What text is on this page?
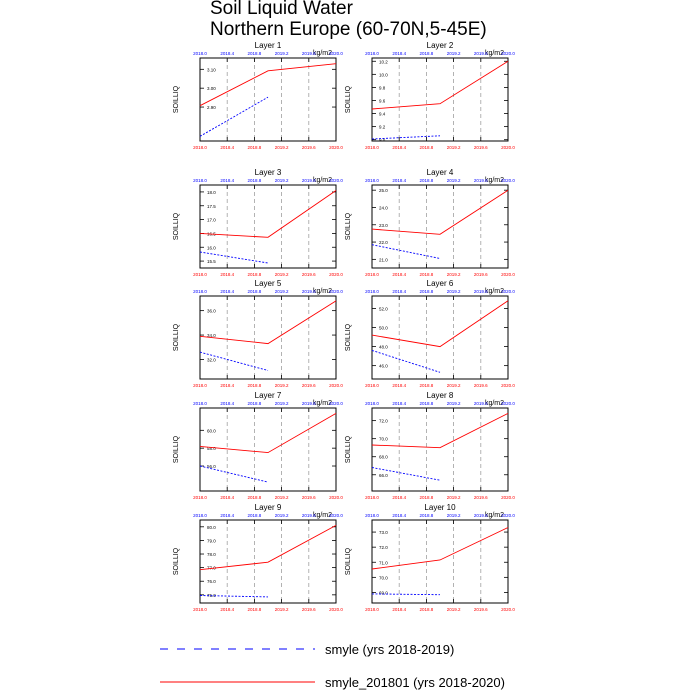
Soil Liquid Water
Northern Europe (60-70N,5-45E)
Layer 1
kg/m2
2018.0
2018.0
2018.4
2018.4
2018.8
2018.8
2019.2
2019.2
2019.6
2019.6
2020.0
2020.0
2.90
3.00
3.10
SOILLIQ
Layer 2
kg/m2
2018.0
2018.0
2018.4
2018.4
2018.8
2018.8
2019.2
2019.2
2019.6
2019.6
2020.0
2020.0
9.0
9.2
9.4
9.6
9.8
10.0
10.2
SOILLIQ
Layer 3
kg/m2
2018.0
2018.0
2018.4
2018.4
2018.8
2018.8
2019.2
2019.2
2019.6
2019.6
2020.0
2020.0
15.5
16.0
16.5
17.0
17.5
18.0
SOILLIQ
Layer 4
kg/m2
2018.0
2018.0
2018.4
2018.4
2018.8
2018.8
2019.2
2019.2
2019.6
2019.6
2020.0
2020.0
21.0
22.0
23.0
24.0
25.0
SOILLIQ
Layer 5
kg/m2
2018.0
2018.0
2018.4
2018.4
2018.8
2018.8
2019.2
2019.2
2019.6
2019.6
2020.0
2020.0
32.0
34.0
36.0
SOILLIQ
Layer 6
kg/m2
2018.0
2018.0
2018.4
2018.4
2018.8
2018.8
2019.2
2019.2
2019.6
2019.6
2020.0
2020.0
46.0
48.0
50.0
52.0
SOILLIQ
Layer 7
kg/m2
2018.0
2018.0
2018.4
2018.4
2018.8
2018.8
2019.2
2019.2
2019.6
2019.6
2020.0
2020.0
56.0
58.0
60.0
SOILLIQ
Layer 8
kg/m2
2018.0
2018.0
2018.4
2018.4
2018.8
2018.8
2019.2
2019.2
2019.6
2019.6
2020.0
2020.0
66.0
68.0
70.0
72.0
SOILLIQ
Layer 9
kg/m2
2018.0
2018.0
2018.4
2018.4
2018.8
2018.8
2019.2
2019.2
2019.6
2019.6
2020.0
2020.0
75.0
76.0
77.0
78.0
79.0
80.0
SOILLIQ
Layer 10
kg/m2
2018.0
2018.0
2018.4
2018.4
2018.8
2018.8
2019.2
2019.2
2019.6
2019.6
2020.0
2020.0
69.0
70.0
71.0
72.0
73.0
SOILLIQ
smyle (yrs 2018-2019)
smyle_201801 (yrs 2018-2020)
